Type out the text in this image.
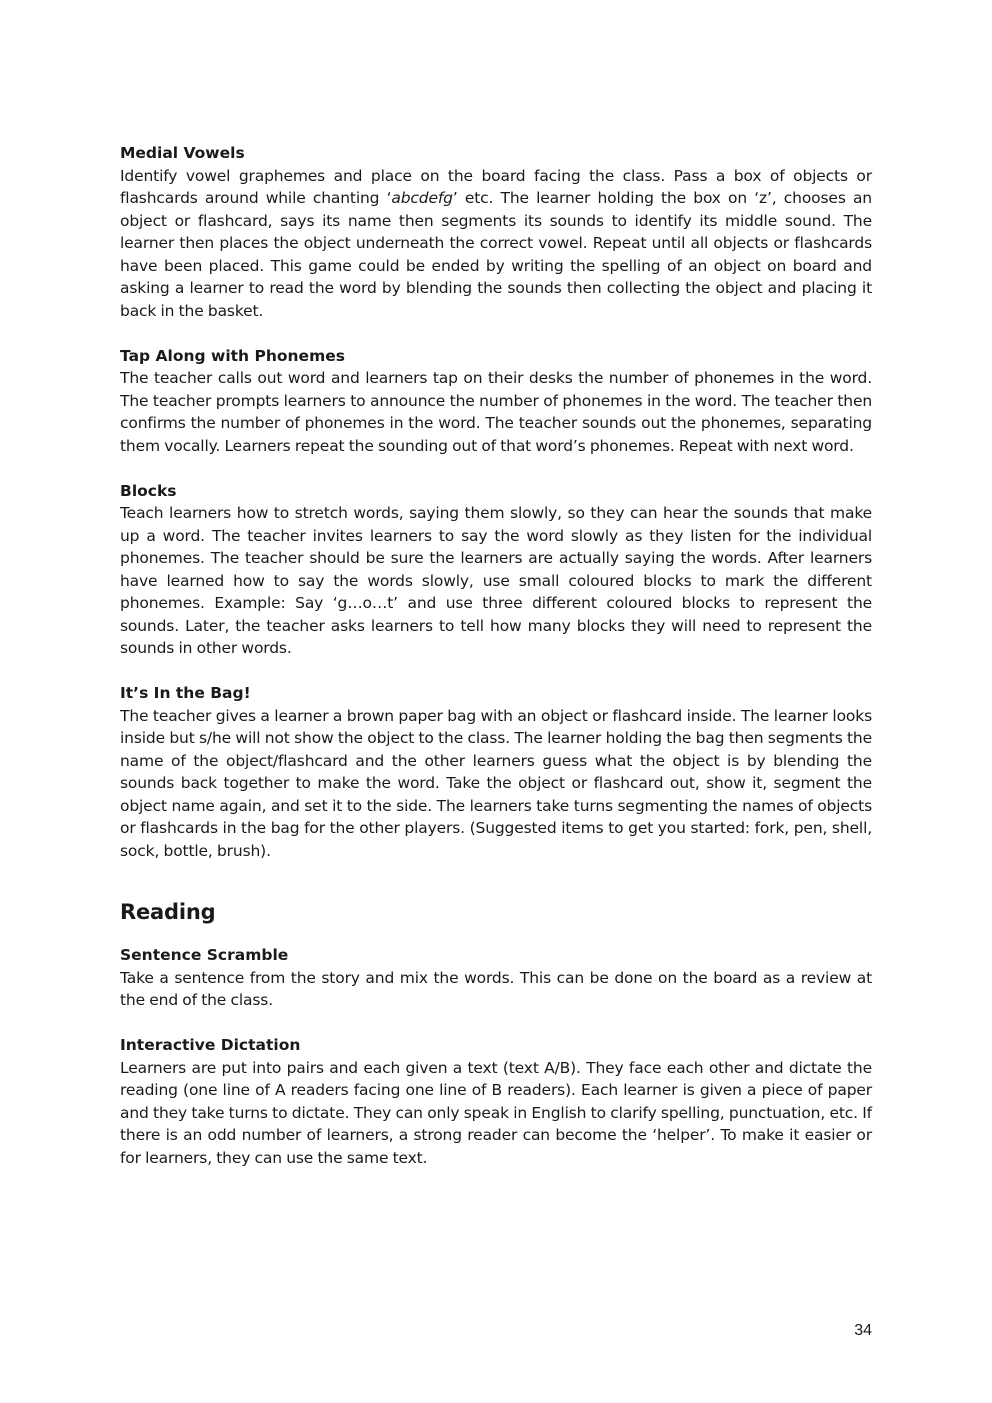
Medial Vowels

Identify vowel graphemes and place on the board facing the class. Pass a box of objects or flashcards around while chanting ‘abcdefg’ etc. The learner holding the box on ‘z’, chooses an object or flashcard, says its name then segments its sounds to identify its middle sound. The learner then places the object underneath the correct vowel. Repeat until all objects or flashcards have been placed. This game could be ended by writing the spelling of an object on board and asking a learner to read the word by blending the sounds then collecting the object and placing it back in the basket.

Tap Along with Phonemes

The teacher calls out word and learners tap on their desks the number of phonemes in the word. The teacher prompts learners to announce the number of phonemes in the word. The teacher then confirms the number of phonemes in the word. The teacher sounds out the phonemes, separating them vocally. Learners repeat the sounding out of that word’s phonemes. Repeat with next word.

Blocks

Teach learners how to stretch words, saying them slowly, so they can hear the sounds that make up a word. The teacher invites learners to say the word slowly as they listen for the individual phonemes. The teacher should be sure the learners are actually saying the words. After learners have learned how to say the words slowly, use small coloured blocks to mark the different phonemes. Example: Say ‘g…o…t’ and use three different coloured blocks to represent the sounds. Later, the teacher asks learners to tell how many blocks they will need to represent the sounds in other words.

It’s In the Bag!

The teacher gives a learner a brown paper bag with an object or flashcard inside. The learner looks inside but s/he will not show the object to the class. The learner holding the bag then segments the name of the object/flashcard and the other learners guess what the object is by blending the sounds back together to make the word. Take the object or flashcard out, show it, segment the object name again, and set it to the side. The learners take turns segmenting the names of objects or flashcards in the bag for the other players. (Suggested items to get you started: fork, pen, shell, sock, bottle, brush).

Reading

Sentence Scramble

Take a sentence from the story and mix the words. This can be done on the board as a review at the end of the class.

Interactive Dictation

Learners are put into pairs and each given a text (text A/B). They face each other and dictate the reading (one line of A readers facing one line of B readers). Each learner is given a piece of paper and they take turns to dictate. They can only speak in English to clarify spelling, punctuation, etc. If there is an odd number of learners, a strong reader can become the ‘helper’. To make it easier or for learners, they can use the same text.

34
